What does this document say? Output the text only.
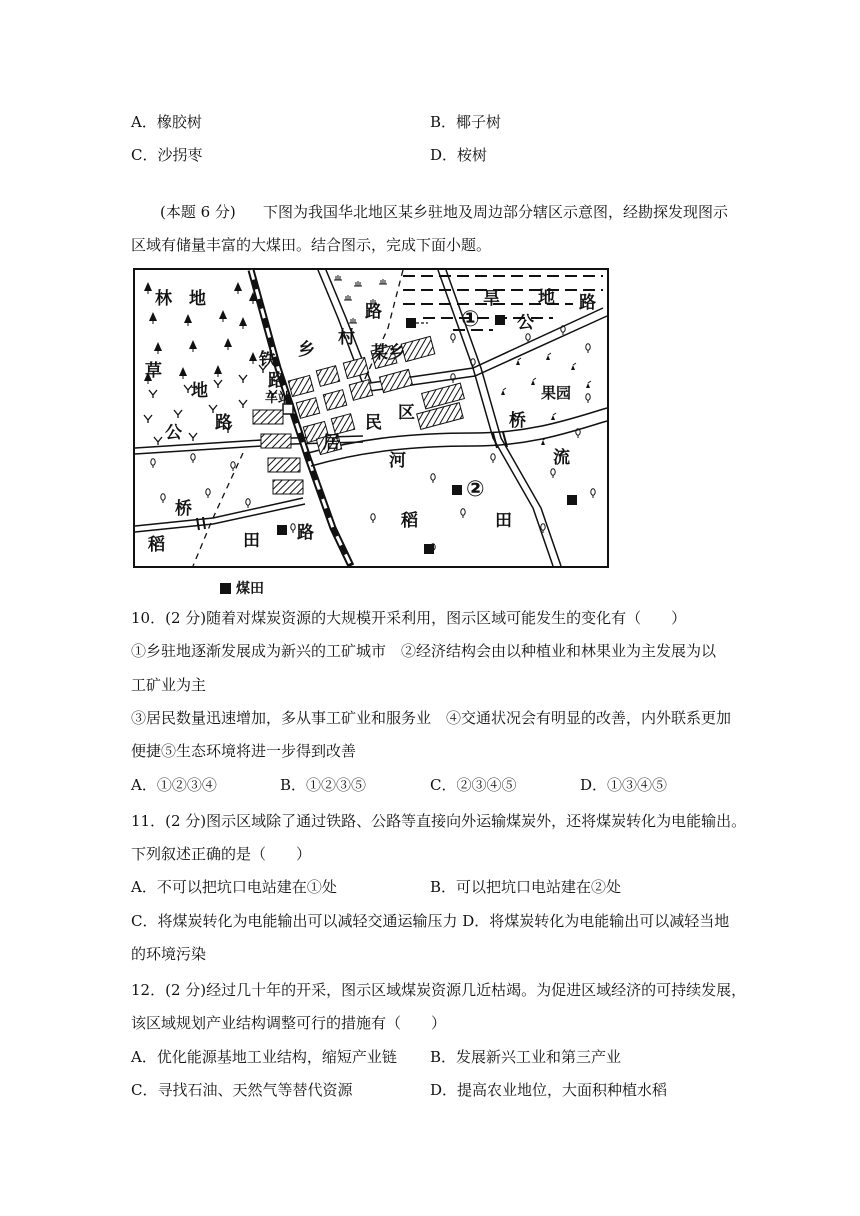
A．橡胶树	B．椰子树
C．沙拐枣	D．桉树
(本题 6 分) 下图为我国华北地区某乡驻地及周边部分辖区示意图，经勘探发现图示
区域有储量丰富的大煤田。结合图示，完成下面小题。
林　地
铁
路
草
地
路
公
桥
稻	田 路
乡
村
路
某乡
居
民 区
河
旱 地 路
公
桥
流
稻	田
果园
车站
①
②
煤田
10．(2 分)随着对煤炭资源的大规模开采利用，图示区域可能发生的变化有（　　）
①乡驻地逐渐发展成为新兴的工矿城市　②经济结构会由以种植业和林果业为主发展为以
工矿业为主
③居民数量迅速增加，多从事工矿业和服务业　④交通状况会有明显的改善，内外联系更加
便捷⑤生态环境将进一步得到改善
A．①②③④	B．①②③⑤	C．②③④⑤	D．①③④⑤
11．(2 分)图示区域除了通过铁路、公路等直接向外运输煤炭外，还将煤炭转化为电能输出。
下列叙述正确的是（　　）
A．不可以把坑口电站建在①处	B．可以把坑口电站建在②处
C．将煤炭转化为电能输出可以减轻交通运输压力 D．将煤炭转化为电能输出可以减轻当地
的环境污染
12．(2 分)经过几十年的开采，图示区域煤炭资源几近枯竭。为促进区域经济的可持续发展，
该区域规划产业结构调整可行的措施有（　　）
A．优化能源基地工业结构，缩短产业链 B．发展新兴工业和第三产业
C．寻找石油、天然气等替代资源	D．提高农业地位，大面积种植水稻
